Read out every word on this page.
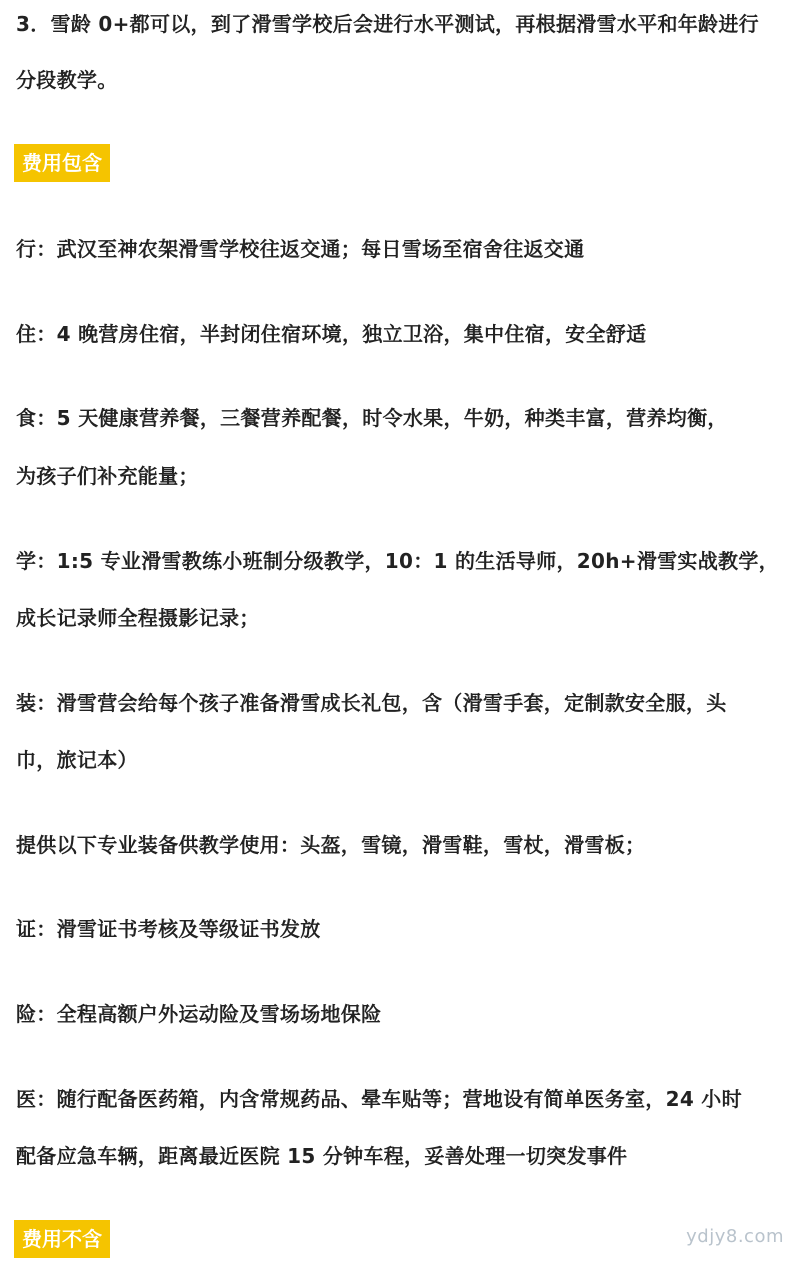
3．雪龄 0+都可以，到了滑雪学校后会进行水平测试，再根据滑雪水平和年龄进行
分段教学。
费用包含
行：武汉至神农架滑雪学校往返交通；每日雪场至宿舍往返交通
住：4 晚营房住宿，半封闭住宿环境，独立卫浴，集中住宿，安全舒适
食：5 天健康营养餐，三餐营养配餐，时令水果，牛奶，种类丰富，营养均衡，
为孩子们补充能量；
学：1:5 专业滑雪教练小班制分级教学，10：1 的生活导师，20h+滑雪实战教学，
成长记录师全程摄影记录；
装：滑雪营会给每个孩子准备滑雪成长礼包，含（滑雪手套，定制款安全服，头
巾，旅记本）
提供以下专业装备供教学使用：头盔，雪镜，滑雪鞋，雪杖，滑雪板；
证：滑雪证书考核及等级证书发放
险：全程高额户外运动险及雪场场地保险
医：随行配备医药箱，内含常规药品、晕车贴等；营地设有简单医务室，24 小时
配备应急车辆，距离最近医院 15 分钟车程，妥善处理一切突发事件
费用不含	ydjy8.com
